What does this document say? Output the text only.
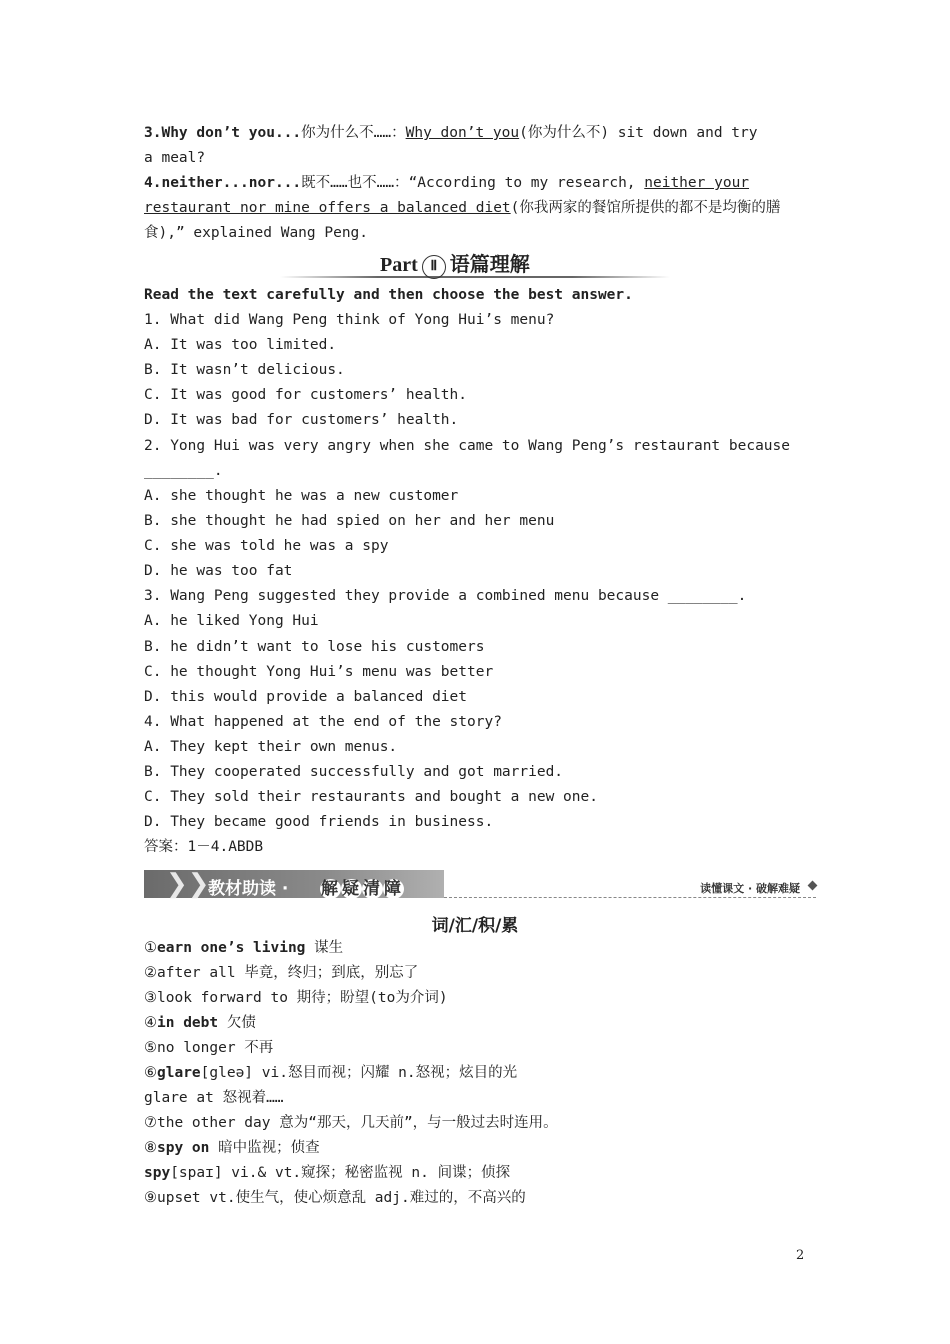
3.Why don’t you...你为什么不……：Why don’t you(你为什么不) sit down and try
a meal?
4.neither...nor...既不……也不……：“According to my research, neither your
restaurant nor mine offers a balanced diet(你我两家的餐馆所提供的都不是均衡的膳
食),” explained Wang Peng.
Part Ⅱ 语篇理解
Read the text carefully and then choose the best answer.
1. What did Wang Peng think of Yong Hui’s menu?
A. It was too limited.
B. It wasn’t delicious.
C. It was good for customers’ health.
D. It was bad for customers’ health.
2. Yong Hui was very angry when she came to Wang Peng’s restaurant because
________.
A. she thought he was a new customer
B. she thought he had spied on her and her menu
C. she was told he was a spy
D. he was too fat
3. Wang Peng suggested they provide a combined menu because ________.
A. he liked Yong Hui
B. he didn’t want to lose his customers
C. he thought Yong Hui’s menu was better
D. this would provide a balanced diet
4. What happened at the end of the story?
A. They kept their own menus.
B. They cooperated successfully and got married.
C. They sold their restaurants and bought a new one.
D. They became good friends in business.
答案：1－4.ABDB
❯❯
教材助读 · 解 疑 清 障	读懂课文 · 破解难疑
词/汇/积/累
①earn one’s living 谋生
②after all 毕竟，终归；到底，别忘了
③look forward to 期待；盼望(to为介词)
④in debt 欠债
⑤no longer 不再
⑥glare[gleə] vi.怒目而视；闪耀 n.怒视；炫目的光
glare at 怒视着……
⑦the other day 意为“那天，几天前”，与一般过去时连用。
⑧spy on 暗中监视；侦查
spy[spaɪ] vi.& vt.窥探；秘密监视 n. 间谍；侦探
⑨upset vt.使生气，使心烦意乱 adj.难过的，不高兴的
2
